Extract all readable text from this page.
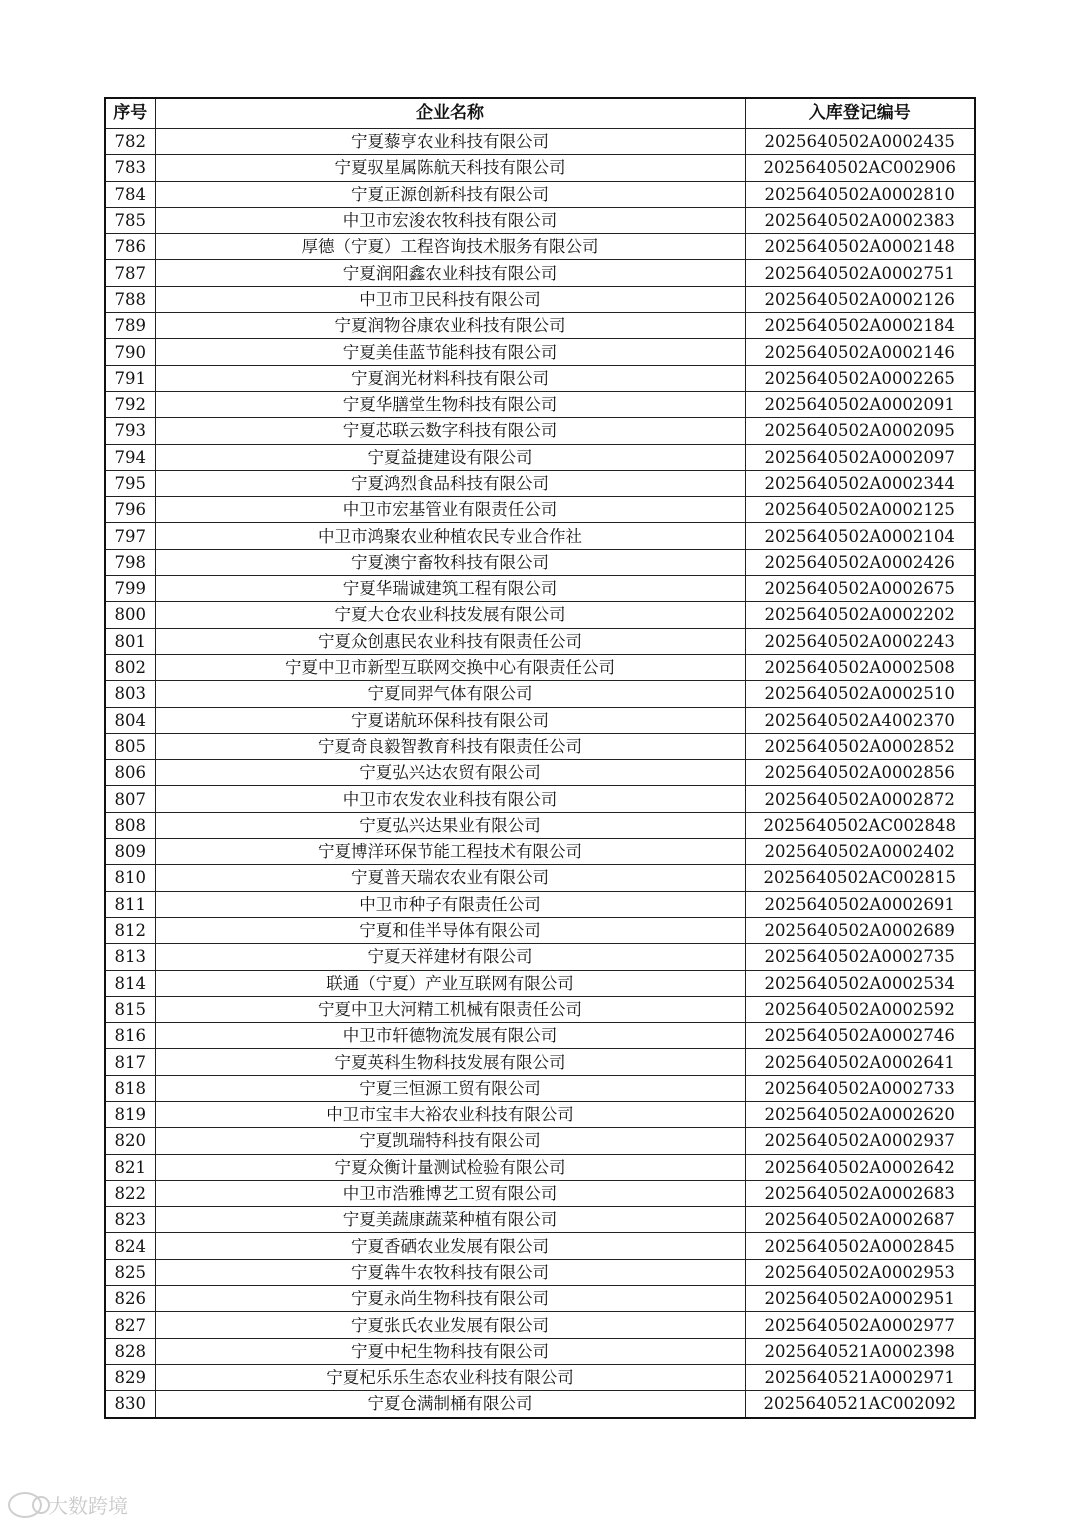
序号	企业名称	入库登记编号
782	宁夏藜亨农业科技有限公司	2025640502A0002435
783	宁夏驭星属陈航天科技有限公司	2025640502AC002906
784	宁夏正源创新科技有限公司	2025640502A0002810
785	中卫市宏浚农牧科技有限公司	2025640502A0002383
786	厚德（宁夏）工程咨询技术服务有限公司	2025640502A0002148
787	宁夏润阳鑫农业科技有限公司	2025640502A0002751
788	中卫市卫民科技有限公司	2025640502A0002126
789	宁夏润物谷康农业科技有限公司	2025640502A0002184
790	宁夏美佳蓝节能科技有限公司	2025640502A0002146
791	宁夏润光材料科技有限公司	2025640502A0002265
792	宁夏华膳堂生物科技有限公司	2025640502A0002091
793	宁夏芯联云数字科技有限公司	2025640502A0002095
794	宁夏益捷建设有限公司	2025640502A0002097
795	宁夏鸿烈食品科技有限公司	2025640502A0002344
796	中卫市宏基管业有限责任公司	2025640502A0002125
797	中卫市鸿聚农业种植农民专业合作社	2025640502A0002104
798	宁夏澳宁畜牧科技有限公司	2025640502A0002426
799	宁夏华瑞诚建筑工程有限公司	2025640502A0002675
800	宁夏大仓农业科技发展有限公司	2025640502A0002202
801	宁夏众创惠民农业科技有限责任公司	2025640502A0002243
802	宁夏中卫市新型互联网交换中心有限责任公司	2025640502A0002508
803	宁夏同羿气体有限公司	2025640502A0002510
804	宁夏诺航环保科技有限公司	2025640502A4002370
805	宁夏奇良毅智教育科技有限责任公司	2025640502A0002852
806	宁夏弘兴达农贸有限公司	2025640502A0002856
807	中卫市农发农业科技有限公司	2025640502A0002872
808	宁夏弘兴达果业有限公司	2025640502AC002848
809	宁夏博洋环保节能工程技术有限公司	2025640502A0002402
810	宁夏普天瑞农农业有限公司	2025640502AC002815
811	中卫市种子有限责任公司	2025640502A0002691
812	宁夏和佳半导体有限公司	2025640502A0002689
813	宁夏天祥建材有限公司	2025640502A0002735
814	联通（宁夏）产业互联网有限公司	2025640502A0002534
815	宁夏中卫大河精工机械有限责任公司	2025640502A0002592
816	中卫市轩德物流发展有限公司	2025640502A0002746
817	宁夏英科生物科技发展有限公司	2025640502A0002641
818	宁夏三恒源工贸有限公司	2025640502A0002733
819	中卫市宝丰大裕农业科技有限公司	2025640502A0002620
820	宁夏凯瑞特科技有限公司	2025640502A0002937
821	宁夏众衡计量测试检验有限公司	2025640502A0002642
822	中卫市浩雅博艺工贸有限公司	2025640502A0002683
823	宁夏美蔬康蔬菜种植有限公司	2025640502A0002687
824	宁夏香硒农业发展有限公司	2025640502A0002845
825	宁夏犇牛农牧科技有限公司	2025640502A0002953
826	宁夏永尚生物科技有限公司	2025640502A0002951
827	宁夏张氏农业发展有限公司	2025640502A0002977
828	宁夏中杞生物科技有限公司	2025640521A0002398
829	宁夏杞乐乐生态农业科技有限公司	2025640521A0002971
830	宁夏仓满制桶有限公司	2025640521AC002092
大数跨境
